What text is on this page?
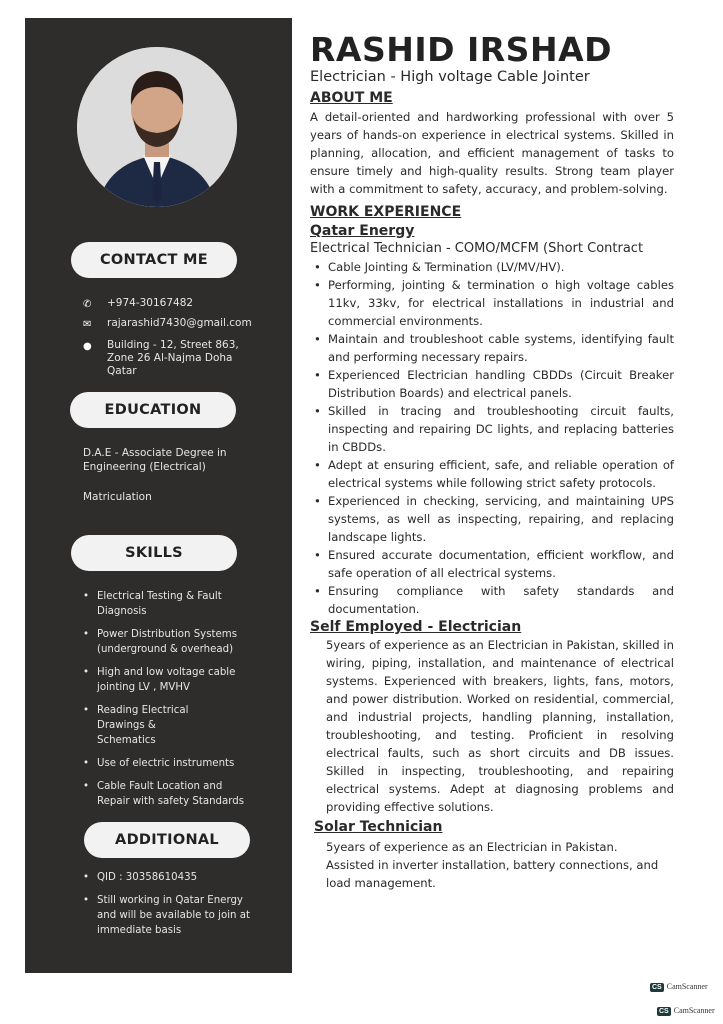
CONTACT ME
✆	+974-30167482
✉	rajarashid7430@gmail.com
●	Building - 12, Street 863, Zone 26 Al-Najma Doha Qatar
EDUCATION
D.A.E - Associate Degree in Engineering (Electrical)
Matriculation
SKILLS
• Electrical Testing & Fault Diagnosis
• Power Distribution Systems (underground & overhead)
• High and low voltage cable jointing LV , MVHV
• Reading Electrical Drawings & Schematics
• Use of electric instruments
• Cable Fault Location and Repair with safety Standards
ADDITIONAL
• QID : 30358610435
• Still working in Qatar Energy and will be available to join at immediate basis
RASHID IRSHAD
Electrician - High voltage Cable Jointer
ABOUT ME

A detail-oriented and hardworking professional with over 5 years of hands-on experience in electrical systems. Skilled in planning, allocation, and efficient management of tasks to ensure timely and high-quality results. Strong team player with a commitment to safety, accuracy, and problem-solving.

WORK EXPERIENCE
Qatar Energy
Electrical Technician - COMO/MCFM (Short Contract
• Cable Jointing & Termination (LV/MV/HV).
• Performing, jointing & termination o high voltage cables 11kv, 33kv, for electrical installations in industrial and commercial environments.
• Maintain and troubleshoot cable systems, identifying fault and performing necessary repairs.
• Experienced Electrician handling CBDDs (Circuit Breaker Distribution Boards) and electrical panels.
• Skilled in tracing and troubleshooting circuit faults, inspecting and repairing DC lights, and replacing batteries in CBDDs.
• Adept at ensuring efficient, safe, and reliable operation of electrical systems while following strict safety protocols.
• Experienced in checking, servicing, and maintaining UPS systems, as well as inspecting, repairing, and replacing landscape lights.
• Ensured accurate documentation, efficient workflow, and safe operation of all electrical systems.
• Ensuring compliance with safety standards and documentation.
Self Employed - Electrician

5years of experience as an Electrician in Pakistan, skilled in wiring, piping, installation, and maintenance of electrical systems. Experienced with breakers, lights, fans, motors, and power distribution. Worked on residential, commercial, and industrial projects, handling planning, installation, troubleshooting, and testing. Proficient in resolving electrical faults, such as short circuits and DB issues. Skilled in inspecting, troubleshooting, and repairing electrical systems. Adept at diagnosing problems and providing effective solutions.

Solar Technician

5years of experience as an Electrician in Pakistan.

Assisted in inverter installation, battery connections, and load management.

CS CamScanner
CS CamScanner
